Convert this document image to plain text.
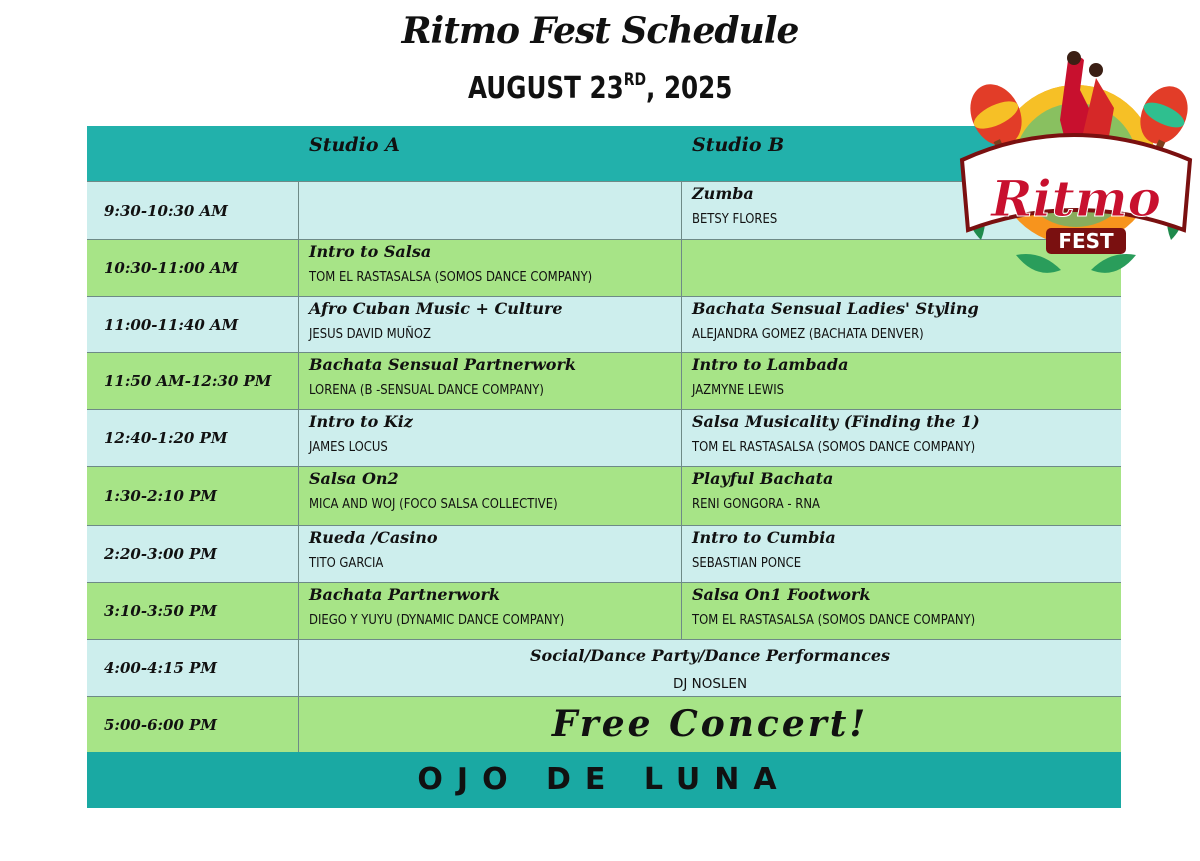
Ritmo Fest Schedule
AUGUST 23RD, 2025
Studio A	Studio B
9:30-10:30 AM
Zumba
BETSY FLORES
10:30-11:00 AM
Intro to Salsa
TOM EL RASTASALSA (SOMOS DANCE COMPANY)
11:00-11:40 AM
Afro Cuban Music + Culture
JESUS DAVID MUÑOZ
Bachata Sensual Ladies' Styling
ALEJANDRA GOMEZ (BACHATA DENVER)
11:50 AM-12:30 PM
Bachata Sensual Partnerwork
LORENA (B -SENSUAL DANCE COMPANY)
Intro to Lambada
JAZMYNE LEWIS
12:40-1:20 PM
Intro to Kiz
JAMES LOCUS
Salsa Musicality (Finding the 1)
TOM EL RASTASALSA (SOMOS DANCE COMPANY)
1:30-2:10 PM
Salsa On2
MICA AND WOJ (FOCO SALSA COLLECTIVE)
Playful Bachata
RENI GONGORA - RNA
2:20-3:00 PM
Rueda /Casino
TITO GARCIA
Intro to Cumbia
SEBASTIAN PONCE
3:10-3:50 PM
Bachata Partnerwork
DIEGO Y YUYU (DYNAMIC DANCE COMPANY)
Salsa On1 Footwork
TOM EL RASTASALSA (SOMOS DANCE COMPANY)
4:00-4:15 PM
Social/Dance Party/Dance Performances
DJ NOSLEN
5:00-6:00 PM	Free Concert!
OJO DE LUNA
Ritmo
FEST
